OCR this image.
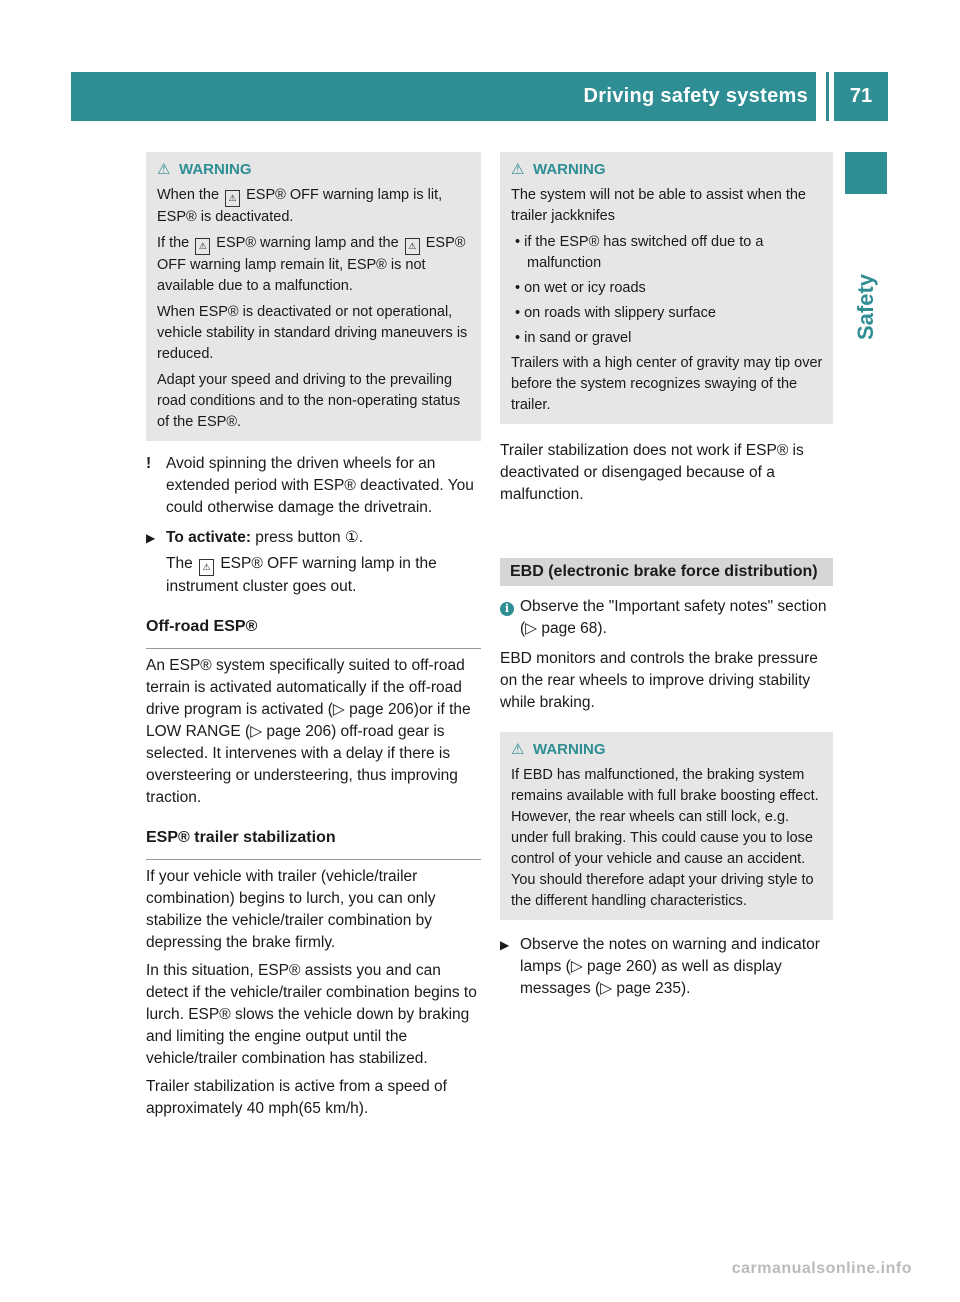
Driving safety systems	71
Safety
⚠ WARNING

When the ⚠ ESP® OFF warning lamp is lit, ESP® is deactivated.

If the ⚠ ESP® warning lamp and the ⚠ ESP® OFF warning lamp remain lit, ESP® is not available due to a malfunction.

When ESP® is deactivated or not operational, vehicle stability in standard driving maneuvers is reduced.

Adapt your speed and driving to the prevailing road conditions and to the non-operating status of the ESP®.

! Avoid spinning the driven wheels for an extended period with ESP® deactivated. You could otherwise damage the drivetrain.
▶ To activate: press button ①.

The ⚠ ESP® OFF warning lamp in the instrument cluster goes out.

Off-road ESP®

An ESP® system specifically suited to off-road terrain is activated automatically if the off-road drive program is activated (▷ page 206)or if the LOW RANGE (▷ page 206) off-road gear is selected. It intervenes with a delay if there is oversteering or understeering, thus improving traction.

ESP® trailer stabilization

If your vehicle with trailer (vehicle/trailer combination) begins to lurch, you can only stabilize the vehicle/trailer combination by depressing the brake firmly.

In this situation, ESP® assists you and can detect if the vehicle/trailer combination begins to lurch. ESP® slows the vehicle down by braking and limiting the engine output until the vehicle/trailer combination has stabilized.

Trailer stabilization is active from a speed of approximately 40 mph(65 km/h).

⚠ WARNING

The system will not be able to assist when the trailer jackknifes

• if the ESP® has switched off due to a malfunction

• on wet or icy roads

• on roads with slippery surface

• in sand or gravel

Trailers with a high center of gravity may tip over before the system recognizes swaying of the trailer.

Trailer stabilization does not work if ESP® is deactivated or disengaged because of a malfunction.

EBD (electronic brake force distribution)
i Observe the "Important safety notes" section (▷ page 68).

EBD monitors and controls the brake pressure on the rear wheels to improve driving stability while braking.

⚠ WARNING

If EBD has malfunctioned, the braking system remains available with full brake boosting effect. However, the rear wheels can still lock, e.g. under full braking. This could cause you to lose control of your vehicle and cause an accident. You should therefore adapt your driving style to the different handling characteristics.

▶ Observe the notes on warning and indicator lamps (▷ page 260) as well as display messages (▷ page 235).

carmanualsonline.info
